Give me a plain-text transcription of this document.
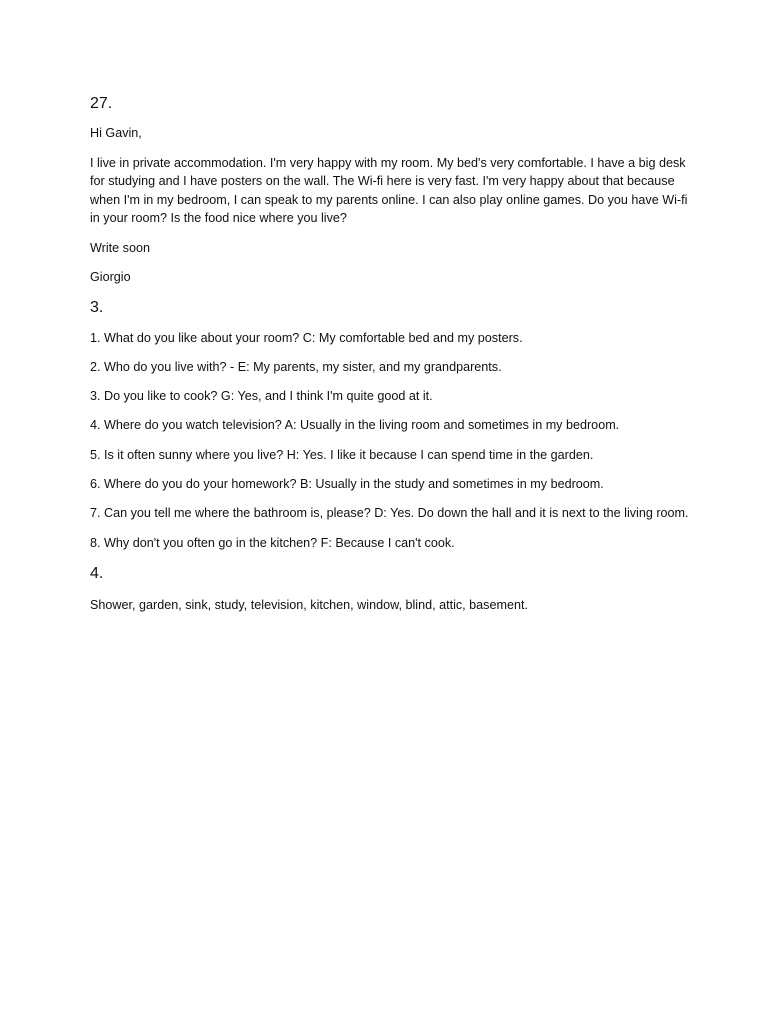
27.

Hi Gavin,

I live in private accommodation. I'm very happy with my room. My bed's very comfortable. I have a big desk for studying and I have posters on the wall. The Wi-fi here is very fast. I'm very happy about that because when I'm in my bedroom, I can speak to my parents online. I can also play online games. Do you have Wi-fi in your room? Is the food nice where you live?

Write soon

Giorgio

3.

1. What do you like about your room? C: My comfortable bed and my posters.

2. Who do you live with? - E: My parents, my sister, and my grandparents.

3. Do you like to cook? G: Yes, and I think I'm quite good at it.

4. Where do you watch television? A: Usually in the living room and sometimes in my bedroom.

5. Is it often sunny where you live? H: Yes. I like it because I can spend time in the garden.

6. Where do you do your homework? B: Usually in the study and sometimes in my bedroom.

7. Can you tell me where the bathroom is, please? D: Yes. Do down the hall and it is next to the living room.

8. Why don't you often go in the kitchen? F: Because I can't cook.

4.

Shower, garden, sink, study, television, kitchen, window, blind, attic, basement.
